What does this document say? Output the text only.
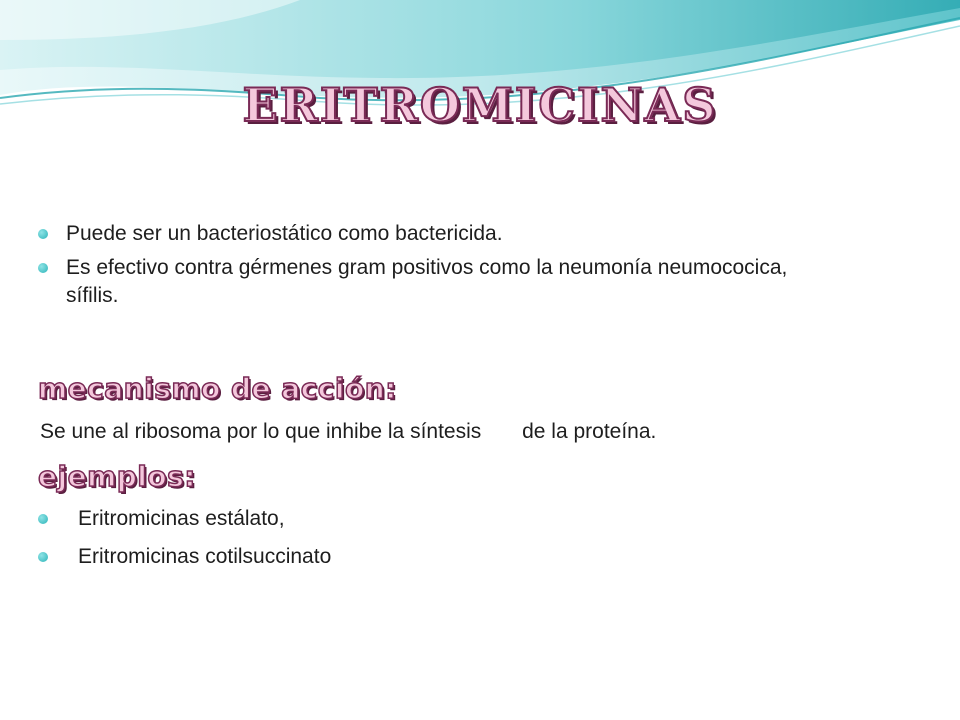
ERITROMICINAS
Puede ser un bacteriostático como bactericida.
Es efectivo contra gérmenes gram positivos como la neumonía neumococica,
sífilis.
mecanismo de acción:
Se une al ribosoma por lo que inhibe la síntesis       de la proteína.
ejemplos:
Eritromicinas estálato,
Eritromicinas cotilsuccinato
